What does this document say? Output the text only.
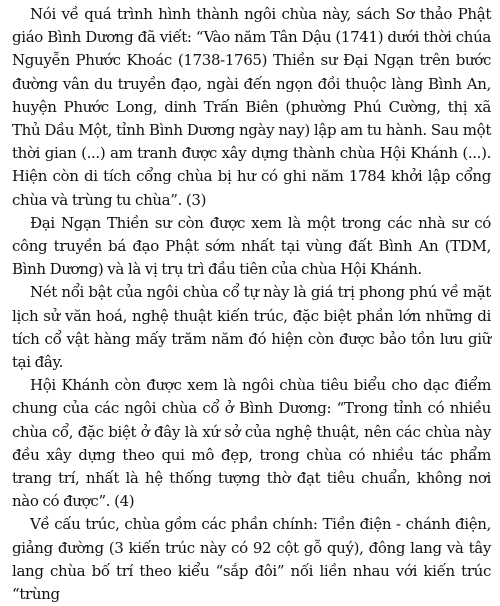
Nói về quá trình hình thành ngôi chùa này, sách Sơ thảo Phật giáo Bình Dương đã viết: “Vào năm Tân Dậu (1741) dưới thời chúa Nguyễn Phước Khoác (1738-1765) Thiền sư Đại Ngạn trên bước đường vân du truyền đạo, ngài đến ngọn đồi thuộc làng Bình An, huyện Phước Long, dinh Trấn Biên (phường Phú Cường, thị xã Thủ Dầu Một, tỉnh Bình Dương ngày nay) lập am tu hành. Sau một thời gian (...) am tranh được xây dựng thành chùa Hội Khánh (...). Hiện còn di tích cổng chùa bị hư có ghi năm 1784 khởi lập cổng chùa và trùng tu chùa”. (3)

Đại Ngạn Thiền sư còn được xem là một trong các nhà sư có công truyền bá đạo Phật sớm nhất tại vùng đất Bình An (TDM, Bình Dương) và là vị trụ trì đầu tiên của chùa Hội Khánh.

Nét nổi bật của ngôi chùa cổ tự này là giá trị phong phú về mặt lịch sử văn hoá, nghệ thuật kiến trúc, đặc biệt phần lớn những di tích cổ vật hàng mấy trăm năm đó hiện còn được bảo tồn lưu giữ tại đây.

Hội Khánh còn được xem là ngôi chùa tiêu biểu cho dạc điểm chung của các ngôi chùa cổ ở Bình Dương: “Trong tỉnh có nhiều chùa cổ, đặc biệt ở đây là xứ sở của nghệ thuật, nên các chùa này đều xây dựng theo qui mô đẹp, trong chùa có nhiều tác phẩm trang trí, nhất là hệ thống tượng thờ đạt tiêu chuẩn, không nơi nào có được”. (4)

Về cấu trúc, chùa gồm các phần chính: Tiền điện - chánh điện, giảng đường (3 kiến trúc này có 92 cột gỗ quý), đông lang và tây lang chùa bố trí theo kiểu “sắp đôi” nối liền nhau với kiến trúc “trùng
